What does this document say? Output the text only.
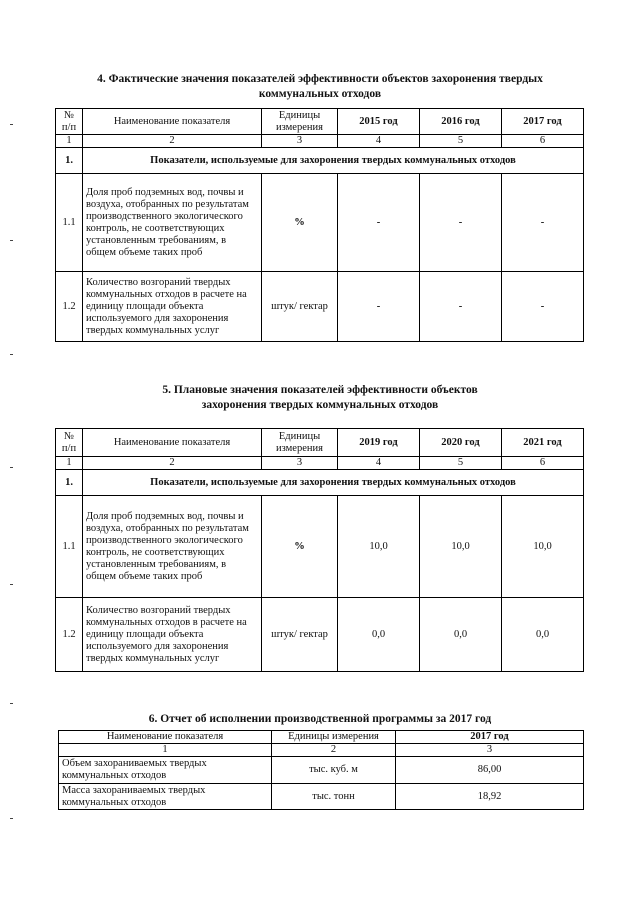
4. Фактические значения показателей эффективности объектов захоронения твердых
коммунальных отходов
№ п/п	Наименование показателя	Единицы измерения	2015 год	2016 год	2017 год
1	2	3	4	5	6
1.	Показатели, используемые для захоронения твердых коммунальных отходов				
1.1	Доля проб подземных вод, почвы и воздуха, отобранных по результатам производственного экологического контроль, не соответствующих установленным требованиям, в общем объеме таких проб	%	-	-	-
1.2	Количество возгораний твердых коммунальных отходов в расчете на единицу площади объекта используемого для захоронения твердых коммунальных услуг	штук/ гектар	-	-	-
5. Плановые значения показателей эффективности объектов
захоронения твердых коммунальных отходов
№ п/п	Наименование показателя	Единицы измерения	2019 год	2020 год	2021 год
1	2	3	4	5	6
1.	Показатели, используемые для захоронения твердых коммунальных отходов				
1.1	Доля проб подземных вод, почвы и воздуха, отобранных по результатам производственного экологического контроль, не соответствующих установленным требованиям, в общем объеме таких проб	%	10,0	10,0	10,0
1.2	Количество возгораний твердых коммунальных отходов в расчете на единицу площади объекта используемого для захоронения твердых коммунальных услуг	штук/ гектар	0,0	0,0	0,0
6. Отчет об исполнении производственной программы за 2017 год
Наименование показателя	Единицы измерения	2017 год
1	2	3
Объем захораниваемых твердых коммунальных отходов	тыс. куб. м	86,00
Масса захораниваемых твердых коммунальных отходов	тыс. тонн	18,92
